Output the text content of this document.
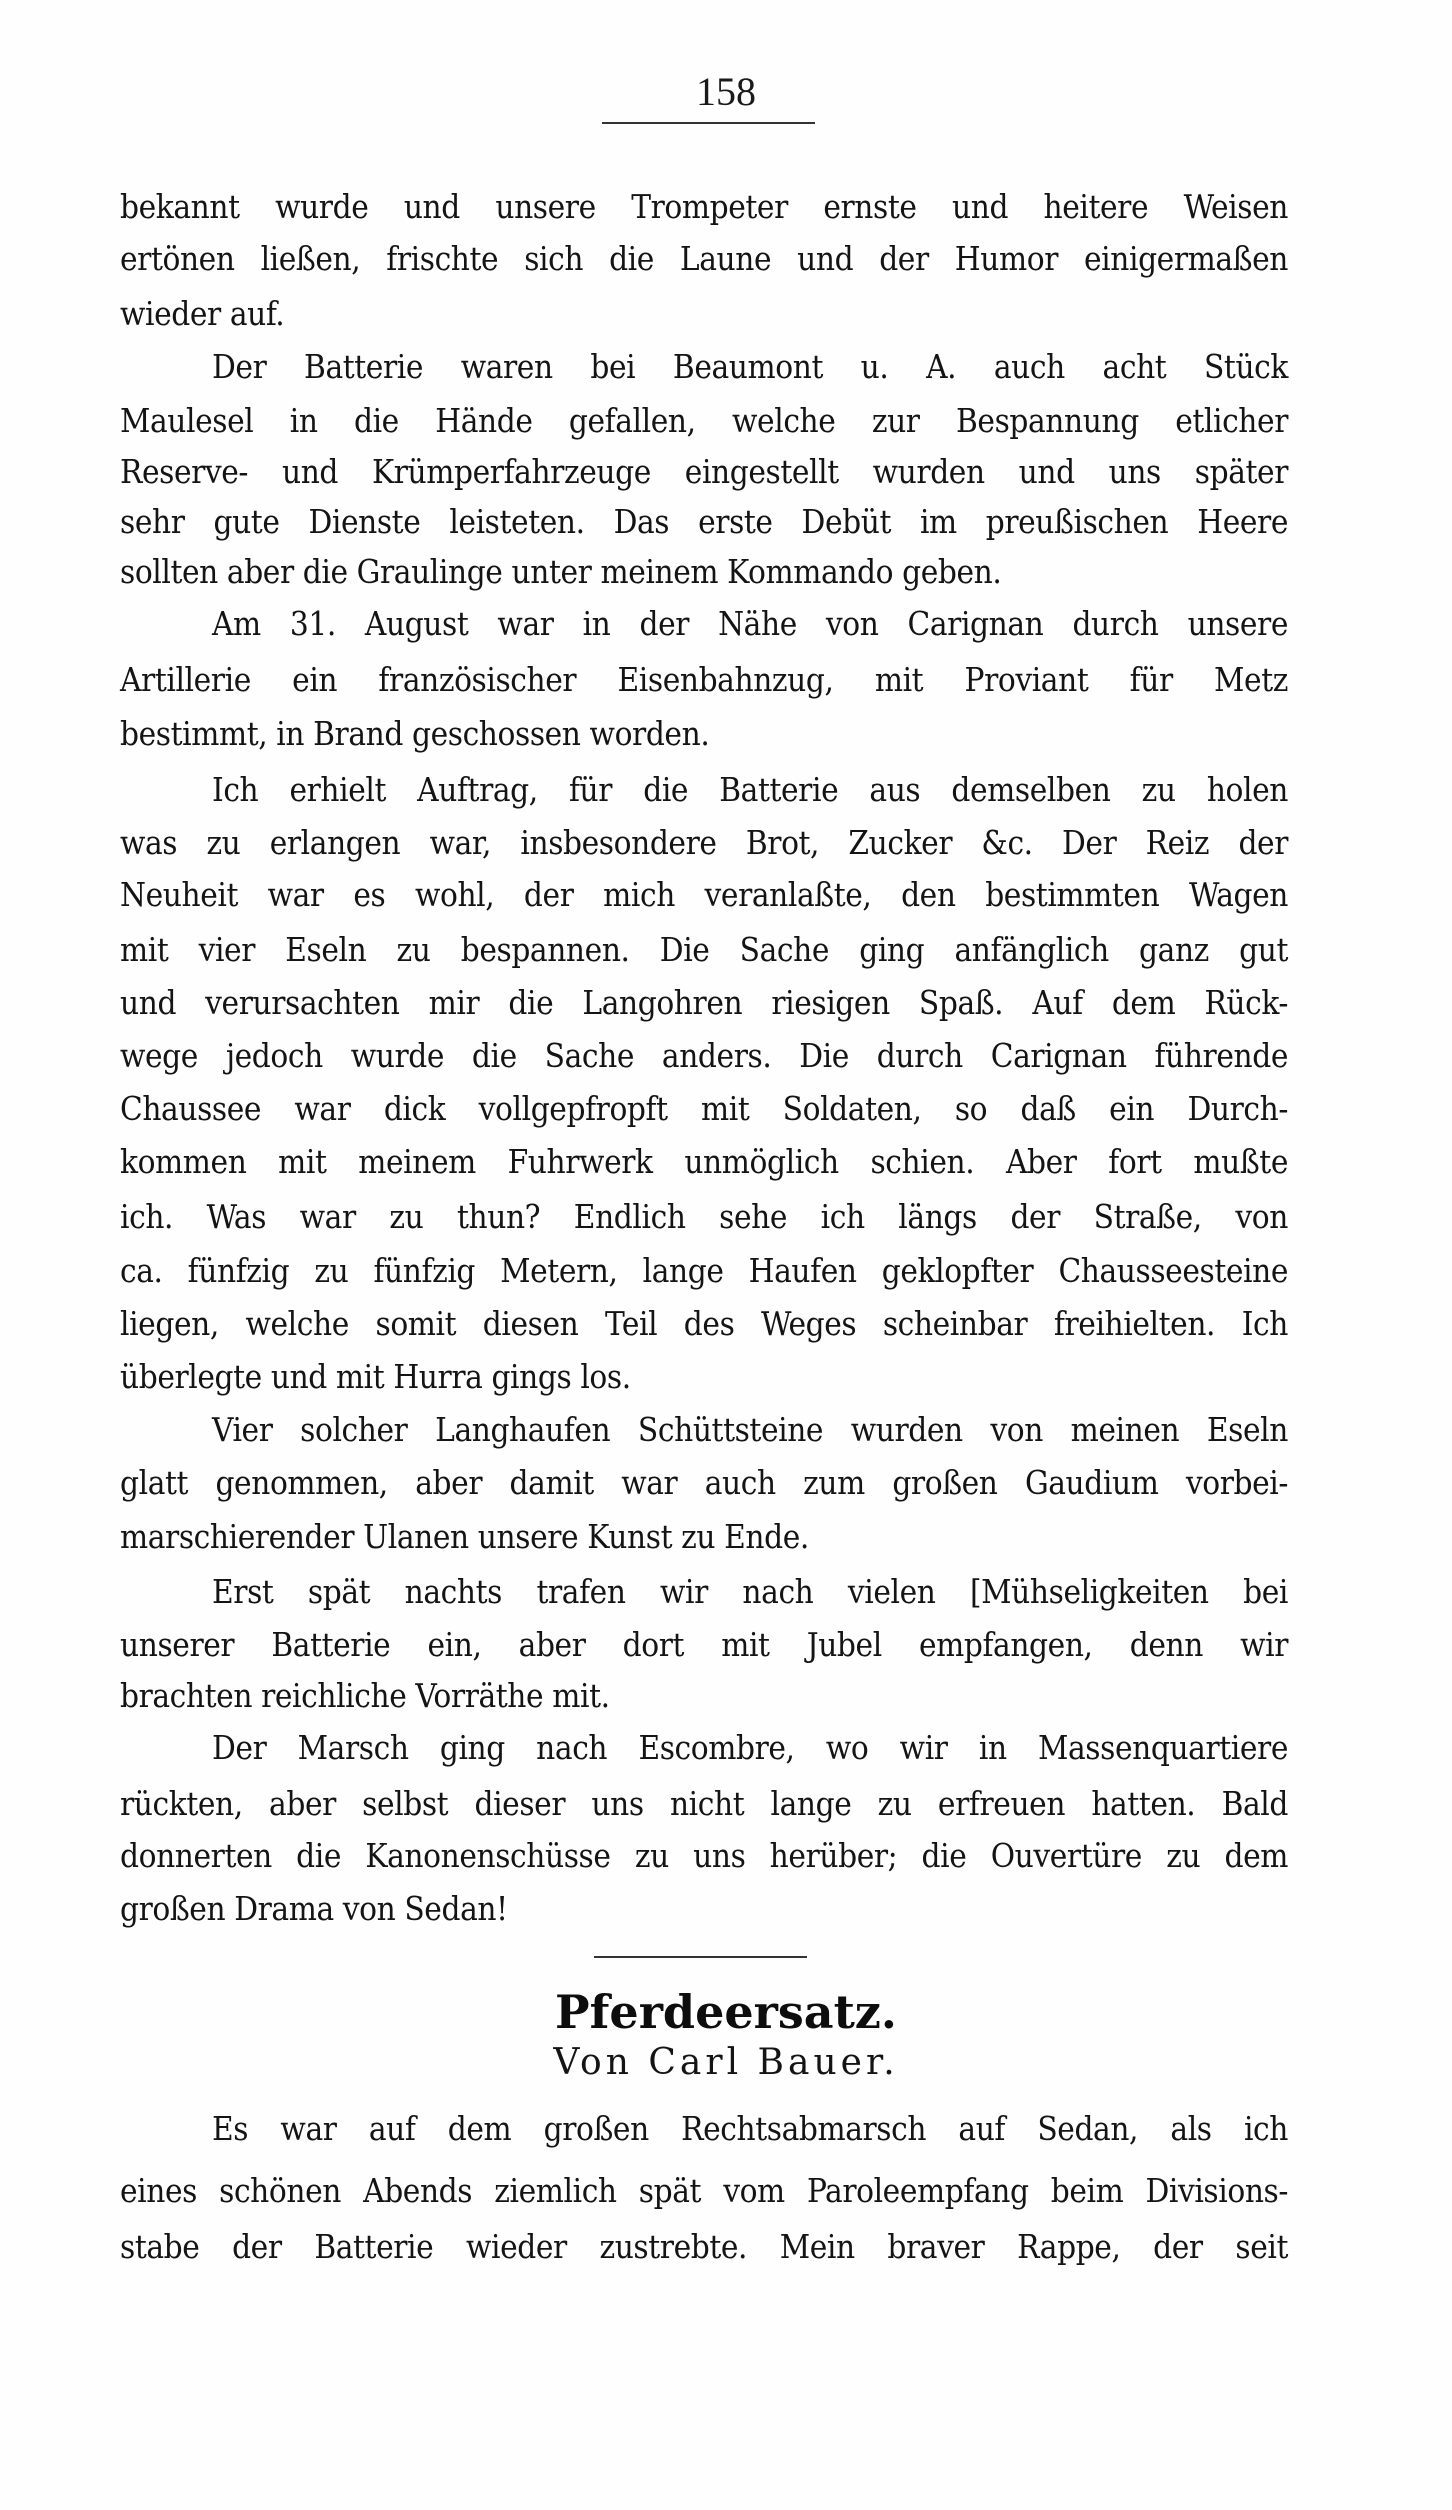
158
bekannt wurde und unsere Trompeter ernste und heitere Weisen
ertönen ließen, frischte sich die Laune und der Humor einigermaßen
wieder auf.
Der Batterie waren bei Beaumont u. A. auch acht Stück
Maulesel in die Hände gefallen, welche zur Bespannung etlicher
Reserve- und Krümperfahrzeuge eingestellt wurden und uns später
sehr gute Dienste leisteten. Das erste Debüt im preußischen Heere
sollten aber die Graulinge unter meinem Kommando geben.
Am 31. August war in der Nähe von Carignan durch unsere
Artillerie ein französischer Eisenbahnzug, mit Proviant für Metz
bestimmt, in Brand geschossen worden.
Ich erhielt Auftrag, für die Batterie aus demselben zu holen
was zu erlangen war, insbesondere Brot, Zucker &c. Der Reiz der
Neuheit war es wohl, der mich veranlaßte, den bestimmten Wagen
mit vier Eseln zu bespannen. Die Sache ging anfänglich ganz gut
und verursachten mir die Langohren riesigen Spaß. Auf dem Rück-
wege jedoch wurde die Sache anders. Die durch Carignan führende
Chaussee war dick vollgepfropft mit Soldaten, so daß ein Durch-
kommen mit meinem Fuhrwerk unmöglich schien. Aber fort mußte
ich. Was war zu thun? Endlich sehe ich längs der Straße, von
ca. fünfzig zu fünfzig Metern, lange Haufen geklopfter Chausseesteine
liegen, welche somit diesen Teil des Weges scheinbar freihielten. Ich
überlegte und mit Hurra gings los.
Vier solcher Langhaufen Schüttsteine wurden von meinen Eseln
glatt genommen, aber damit war auch zum großen Gaudium vorbei-
marschierender Ulanen unsere Kunst zu Ende.
Erst spät nachts trafen wir nach vielen [Mühseligkeiten bei
unserer Batterie ein, aber dort mit Jubel empfangen, denn wir
brachten reichliche Vorräthe mit.
Der Marsch ging nach Escombre, wo wir in Massenquartiere
rückten, aber selbst dieser uns nicht lange zu erfreuen hatten. Bald
donnerten die Kanonenschüsse zu uns herüber; die Ouvertüre zu dem
großen Drama von Sedan!
Pferdeersatz.
Von Carl Bauer.
Es war auf dem großen Rechtsabmarsch auf Sedan, als ich
eines schönen Abends ziemlich spät vom Paroleempfang beim Divisions-
stabe der Batterie wieder zustrebte. Mein braver Rappe, der seit
